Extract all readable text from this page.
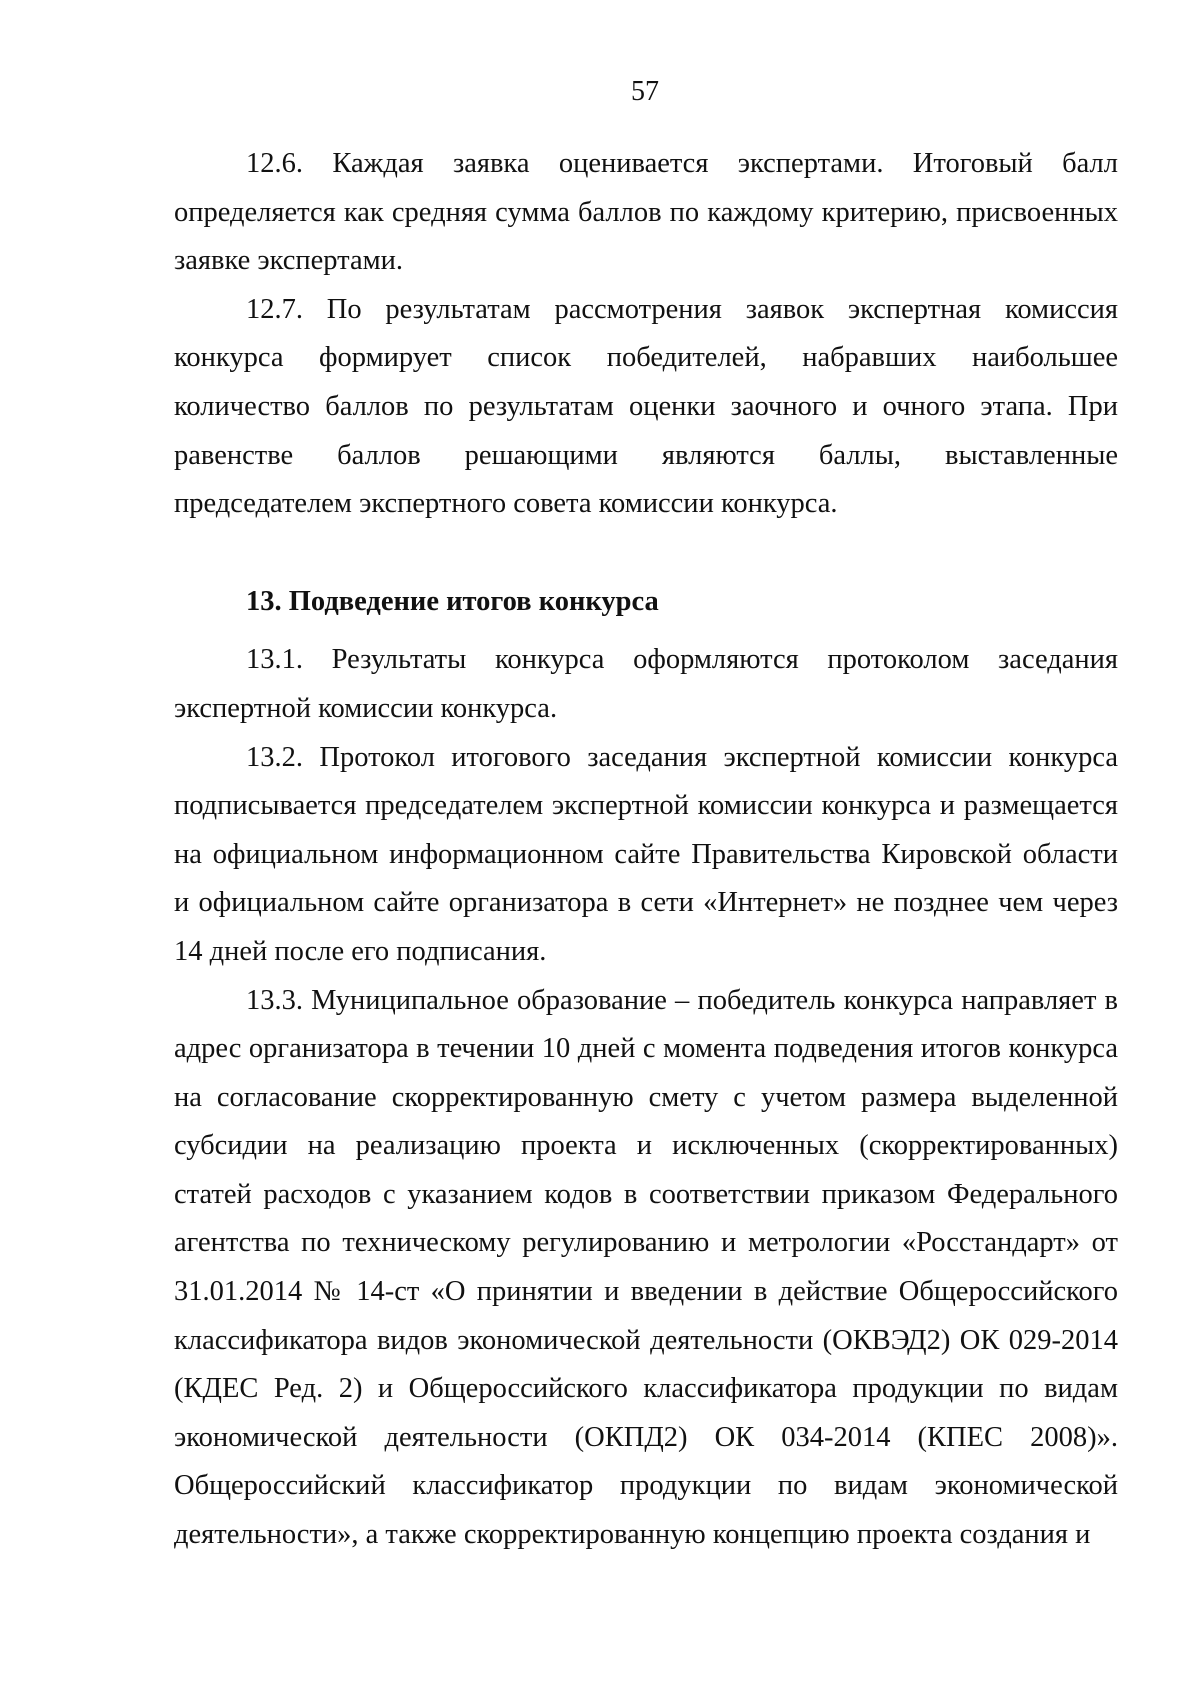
57

12.6. Каждая заявка оценивается экспертами. Итоговый балл определяется как средняя сумма баллов по каждому критерию, присвоенных заявке экспертами.

12.7. По результатам рассмотрения заявок экспертная комиссия конкурса формирует список победителей, набравших наибольшее количество баллов по результатам оценки заочного и очного этапа. При равенстве баллов решающими являются баллы, выставленные председателем экспертного совета комиссии конкурса.

13. Подведение итогов конкурса

13.1. Результаты конкурса оформляются протоколом заседания экспертной комиссии конкурса.

13.2. Протокол итогового заседания экспертной комиссии конкурса подписывается председателем экспертной комиссии конкурса и размещается на официальном информационном сайте Правительства Кировской области и официальном сайте организатора в сети «Интернет» не позднее чем через 14 дней после его подписания.

13.3. Муниципальное образование – победитель конкурса направляет в адрес организатора в течении 10 дней с момента подведения итогов конкурса на согласование скорректированную смету с учетом размера выделенной субсидии на реализацию проекта и исключенных (скорректированных) статей расходов с указанием кодов в соответствии приказом Федерального агентства по техническому регулированию и метрологии «Росстандарт» от 31.01.2014 № 14-ст «О принятии и введении в действие Общероссийского классификатора видов экономической деятельности (ОКВЭД2) ОК 029-2014 (КДЕС Ред. 2) и Общероссийского классификатора продукции по видам экономической деятельности (ОКПД2) ОК 034-2014 (КПЕС 2008)». Общероссийский классификатор продукции по видам экономической деятельности», а также скорректированную концепцию проекта создания и
